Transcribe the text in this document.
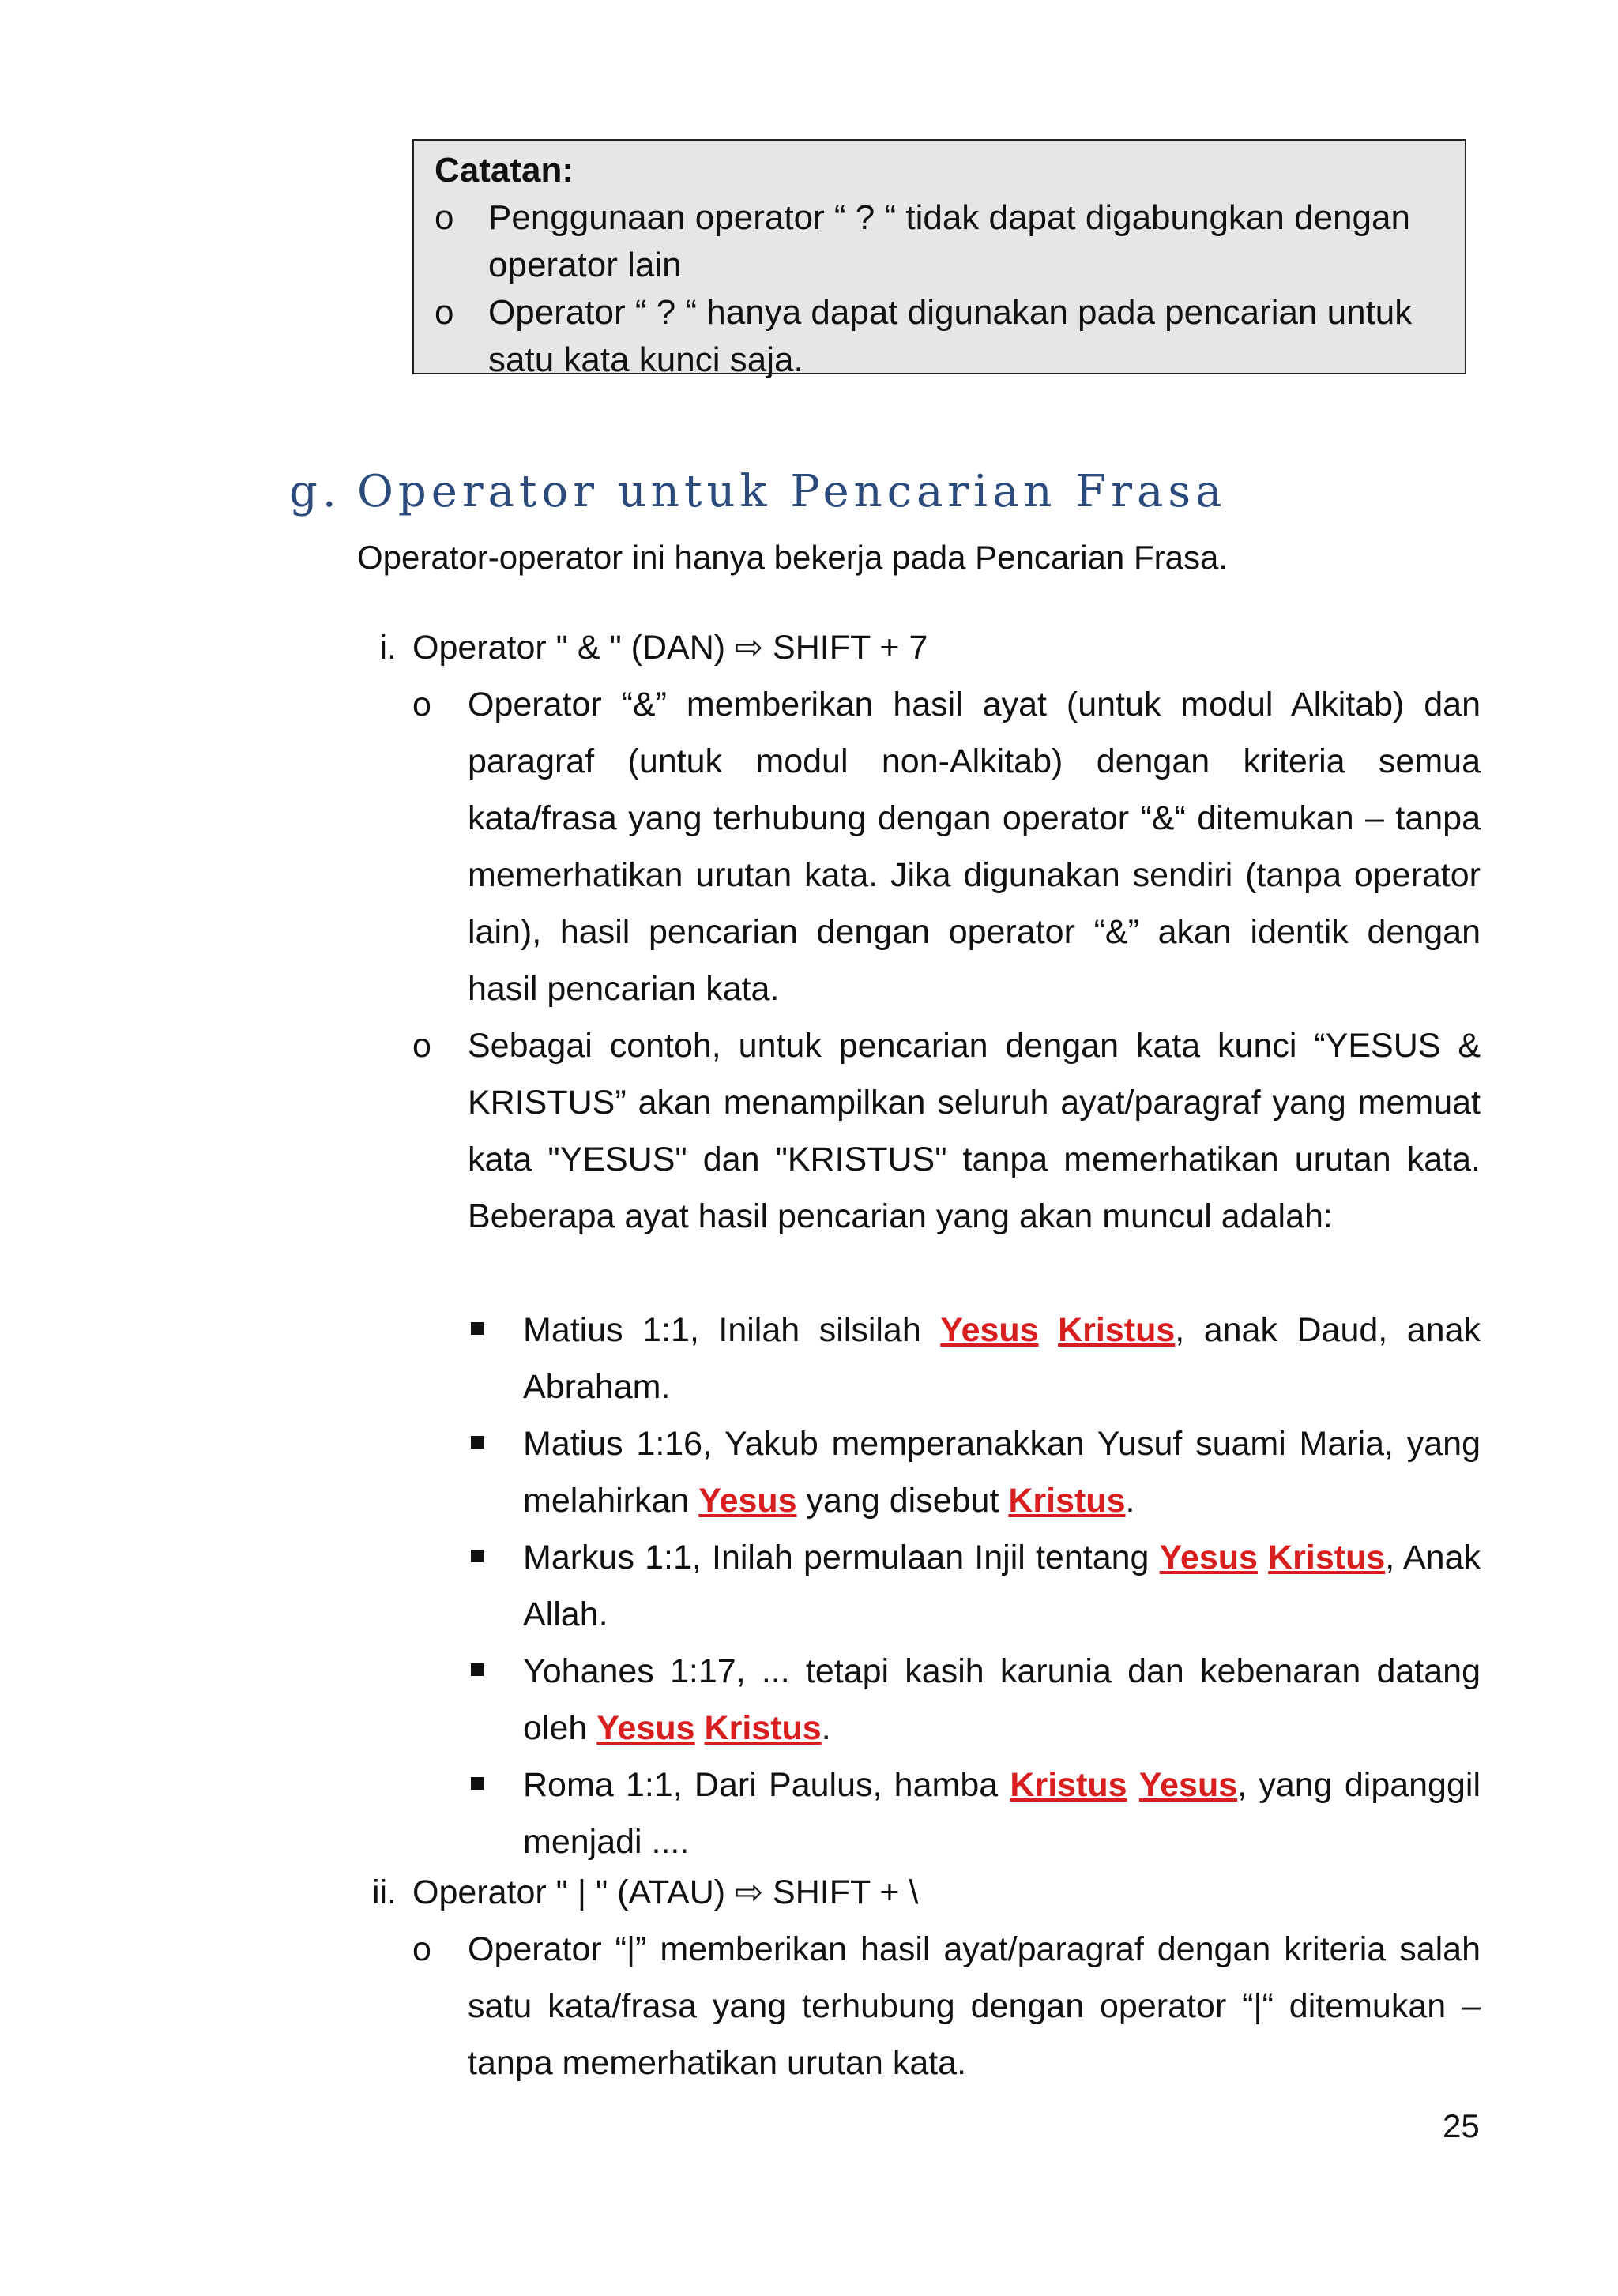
Catatan:
o Penggunaan operator “ ? “ tidak dapat digabungkan dengan
operator lain
o Operator “ ? “ hanya dapat digunakan pada pencarian untuk
satu kata kunci saja.
g. Operator untuk Pencarian Frasa
Operator-operator ini hanya bekerja pada Pencarian Frasa.
i. Operator " & " (DAN) ⇨ SHIFT + 7
o Operator “&” memberikan hasil ayat (untuk modul Alkitab) dan paragraf (untuk modul non-Alkitab) dengan kriteria semua kata/frasa yang terhubung dengan operator “&“ ditemukan – tanpa memerhatikan urutan kata. Jika digunakan sendiri (tanpa operator lain), hasil pencarian dengan operator “&” akan identik dengan hasil pencarian kata.
o Sebagai contoh, untuk pencarian dengan kata kunci “YESUS & KRISTUS” akan menampilkan seluruh ayat/paragraf yang memuat kata "YESUS" dan "KRISTUS" tanpa memerhatikan urutan kata. Beberapa ayat hasil pencarian yang akan muncul adalah:
Matius 1:1, Inilah silsilah Yesus Kristus, anak Daud, anak Abraham.
Matius 1:16, Yakub memperanakkan Yusuf suami Maria, yang melahirkan Yesus yang disebut Kristus.
Markus 1:1, Inilah permulaan Injil tentang Yesus Kristus, Anak Allah.
Yohanes 1:17, ... tetapi kasih karunia dan kebenaran datang oleh Yesus Kristus.
Roma 1:1, Dari Paulus, hamba Kristus Yesus, yang dipanggil menjadi ....
ii. Operator " | " (ATAU) ⇨ SHIFT + \
o Operator “|” memberikan hasil ayat/paragraf dengan kriteria salah satu kata/frasa yang terhubung dengan operator “|“ ditemukan – tanpa memerhatikan urutan kata.
25
